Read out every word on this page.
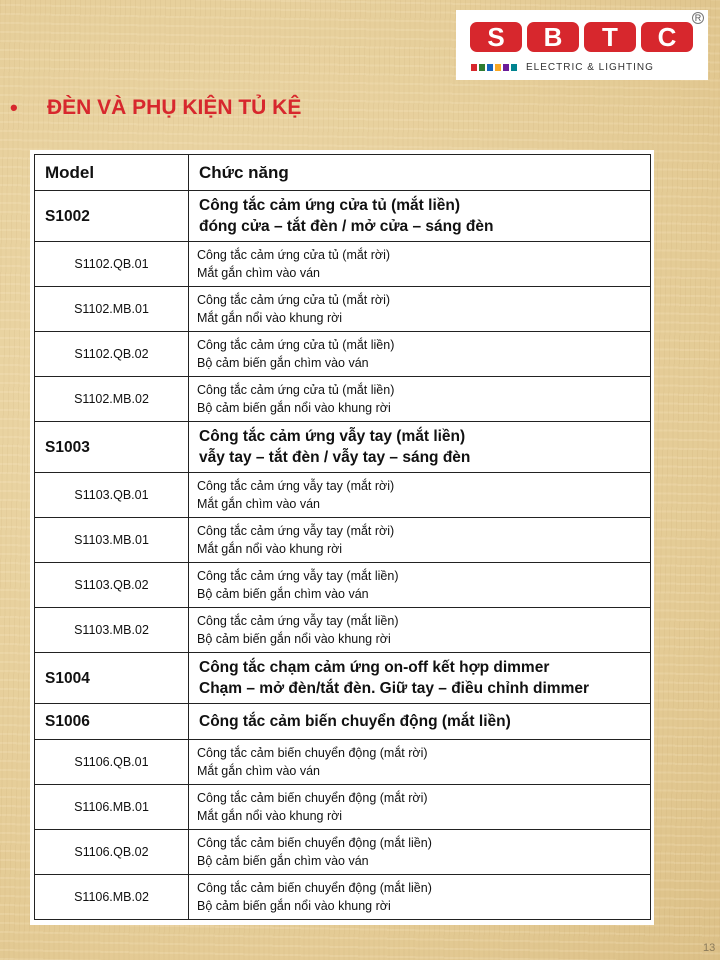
S	B	T	C
R
ELECTRIC & LIGHTING
• ĐÈN VÀ PHỤ KIỆN TỦ KỆ
Model	Chức năng
S1002	Công tắc cảm ứng cửa tủ (mắt liền)
đóng cửa – tắt đèn / mở cửa – sáng đèn
S1102.QB.01	Công tắc cảm ứng cửa tủ (mắt rời)
Mắt gắn chìm vào ván
S1102.MB.01	Công tắc cảm ứng cửa tủ (mắt rời)
Mắt gắn nổi vào khung rời
S1102.QB.02	Công tắc cảm ứng cửa tủ (mắt liền)
Bộ cảm biến gắn chìm vào ván
S1102.MB.02	Công tắc cảm ứng cửa tủ (mắt liền)
Bộ cảm biến gắn nổi vào khung rời
S1003	Công tắc cảm ứng vẫy tay (mắt liền)
vẫy tay – tắt đèn / vẫy tay – sáng đèn
S1103.QB.01	Công tắc cảm ứng vẫy tay (mắt rời)
Mắt gắn chìm vào ván
S1103.MB.01	Công tắc cảm ứng vẫy tay (mắt rời)
Mắt gắn nổi vào khung rời
S1103.QB.02	Công tắc cảm ứng vẫy tay (mắt liền)
Bộ cảm biến gắn chìm vào ván
S1103.MB.02	Công tắc cảm ứng vẫy tay (mắt liền)
Bộ cảm biến gắn nổi vào khung rời
S1004	Công tắc chạm cảm ứng on-off kết hợp dimmer
Chạm – mở đèn/tắt đèn. Giữ tay – điều chỉnh dimmer
S1006	Công tắc cảm biến chuyển động (mắt liền)
S1106.QB.01	Công tắc cảm biến chuyển động (mắt rời)
Mắt gắn chìm vào ván
S1106.MB.01	Công tắc cảm biến chuyển động (mắt rời)
Mắt gắn nổi vào khung rời
S1106.QB.02	Công tắc cảm biến chuyển động (mắt liền)
Bộ cảm biến gắn chìm vào ván
S1106.MB.02	Công tắc cảm biến chuyển động (mắt liền)
Bộ cảm biến gắn nổi vào khung rời
13
